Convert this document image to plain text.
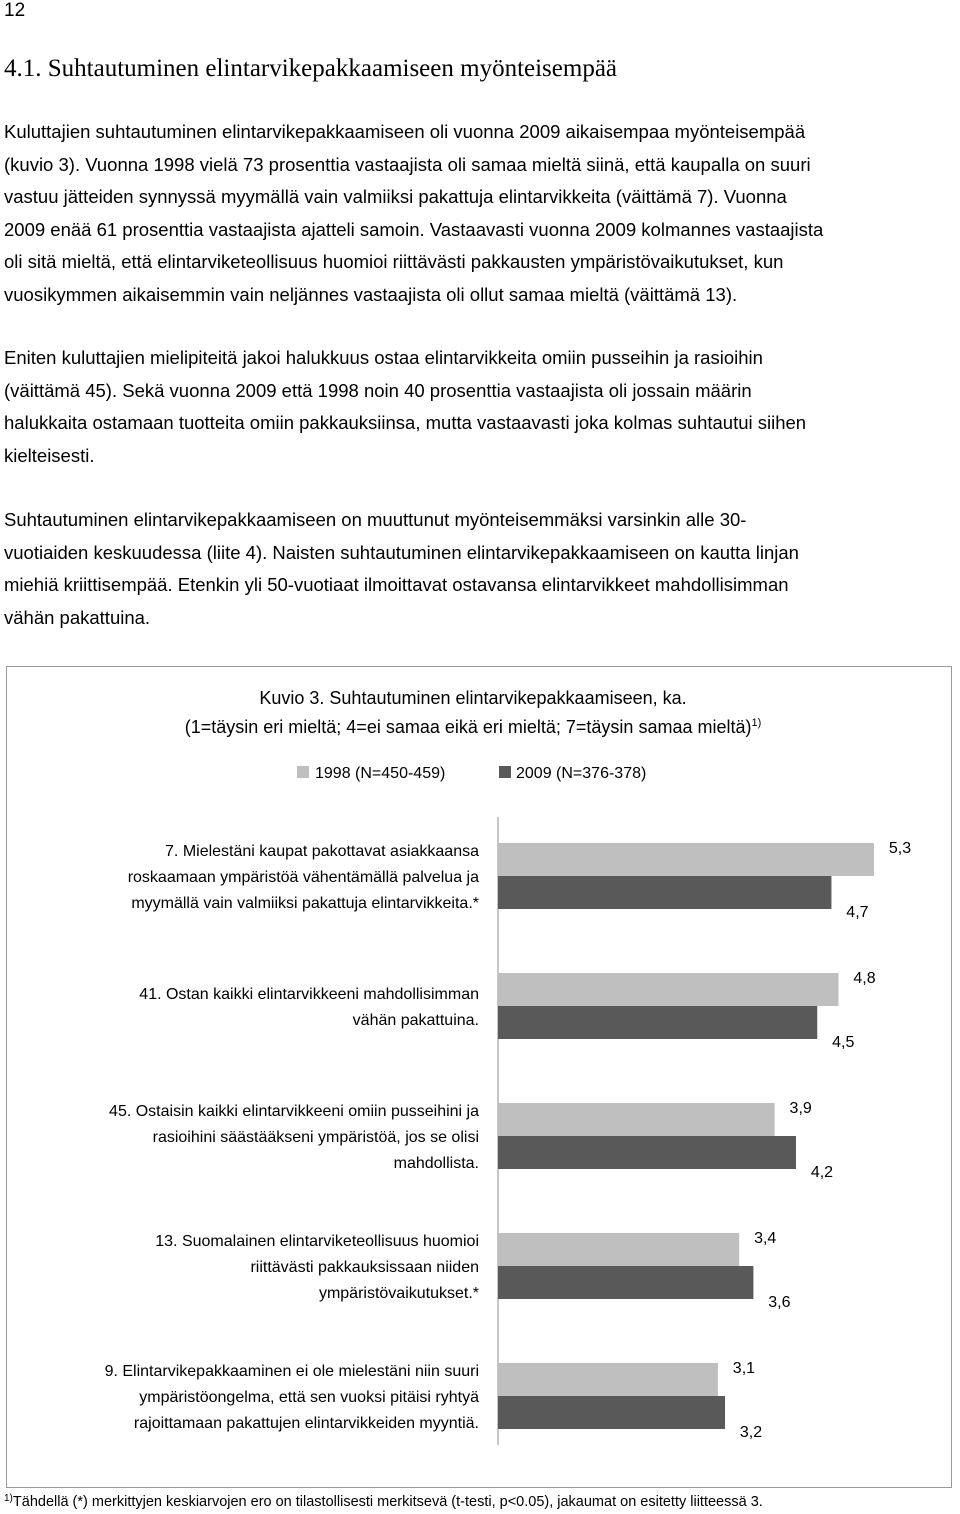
12
4.1. Suhtautuminen elintarvikepakkaamiseen myönteisempää

Kuluttajien suhtautuminen elintarvikepakkaamiseen oli vuonna 2009 aikaisempaa myönteisempää
(kuvio 3). Vuonna 1998 vielä 73 prosenttia vastaajista oli samaa mieltä siinä, että kaupalla on suuri
vastuu jätteiden synnyssä myymällä vain valmiiksi pakattuja elintarvikkeita (väittämä 7). Vuonna
2009 enää 61 prosenttia vastaajista ajatteli samoin. Vastaavasti vuonna 2009 kolmannes vastaajista
oli sitä mieltä, että elintarviketeollisuus huomioi riittävästi pakkausten ympäristövaikutukset, kun
vuosikymmen aikaisemmin vain neljännes vastaajista oli ollut samaa mieltä (väittämä 13).

Eniten kuluttajien mielipiteitä jakoi halukkuus ostaa elintarvikkeita omiin pusseihin ja rasioihin
(väittämä 45). Sekä vuonna 2009 että 1998 noin 40 prosenttia vastaajista oli jossain määrin
halukkaita ostamaan tuotteita omiin pakkauksiinsa, mutta vastaavasti joka kolmas suhtautui siihen
kielteisesti.

Suhtautuminen elintarvikepakkaamiseen on muuttunut myönteisemmäksi varsinkin alle 30-
vuotiaiden keskuudessa (liite 4). Naisten suhtautuminen elintarvikepakkaamiseen on kautta linjan
miehiä kriittisempää. Etenkin yli 50-vuotiaat ilmoittavat ostavansa elintarvikkeet mahdollisimman
vähän pakattuina.

Kuvio 3. Suhtautuminen elintarvikepakkaamiseen, ka.
(1=täysin eri mieltä; 4=ei samaa eikä eri mieltä; 7=täysin samaa mieltä)$^{1)}$
1998 (N=450-459)	2009 (N=376-378)
7. Mielestäni kaupat pakottavat asiakkaansa
roskaamaan ympäristöä vähentämällä palvelua ja
myymällä vain valmiiksi pakattuja elintarvikkeita.*
41. Ostan kaikki elintarvikkeeni mahdollisimman
vähän pakattuina.
45. Ostaisin kaikki elintarvikkeeni omiin pusseihini ja
rasioihini säästääkseni ympäristöä, jos se olisi
mahdollista.
13. Suomalainen elintarviketeollisuus huomioi
riittävästi pakkauksissaan niiden
ympäristövaikutukset.*
9. Elintarvikepakkaaminen ei ole mielestäni niin suuri
ympäristöongelma, että sen vuoksi pitäisi ryhtyä
rajoittamaan pakattujen elintarvikkeiden myyntiä.
5,3
4,7
4,8
4,5
3,9
4,2
3,4
3,6
3,1
3,2
$^{1)}$Tähdellä (*) merkittyjen keskiarvojen ero on tilastollisesti merkitsevä (t-testi, p<0.05), jakaumat on esitetty liitteessä 3.
